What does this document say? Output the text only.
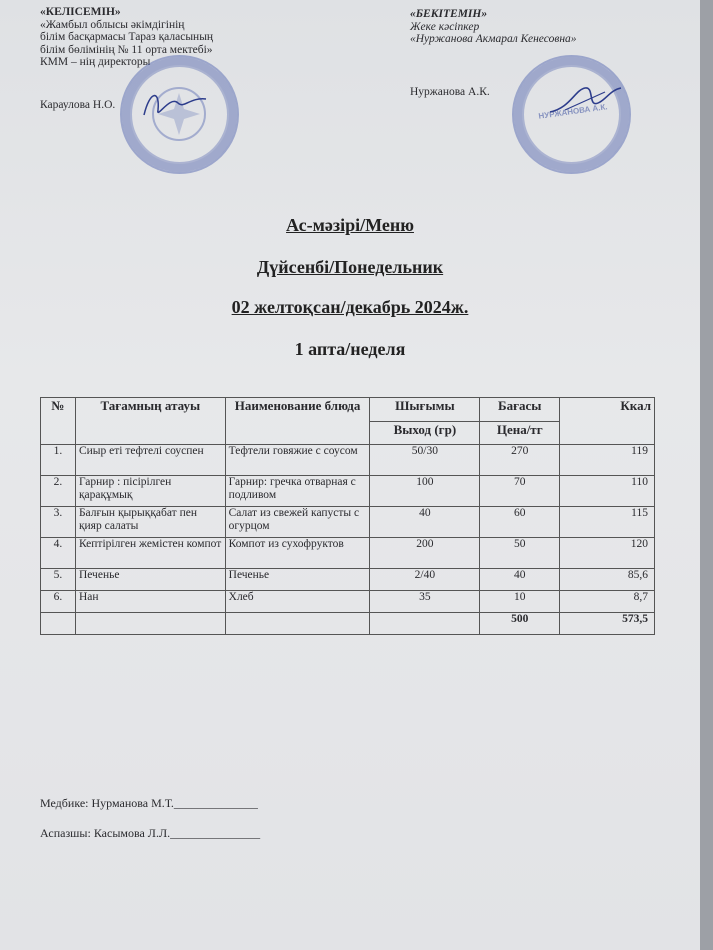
«КЕЛІСЕМІН»
«Жамбыл облысы әкімдігінің
білім басқармасы Тараз қаласының
білім бөлімінің № 11 орта мектебі»
КММ – нің директоры
Караулова Н.О.
«БЕКІТЕМІН»
Жеке кәсіпкер
«Нуржанова Акмарал Кенесовна»
Нуржанова А.К.
НУРЖАНОВА А.К.
Ас-мәзірі/Меню
Дүйсенбі/Понедельник
02 желтоқсан/декабрь 2024ж.
1 апта/неделя
№	Тағамның атауы	Наименование блюда	Шығымы	Бағасы	Ккал
			Выход (гр)	Цена/тг	
1.	Сиыр еті тефтелі соуспен	Тефтели говяжие с соусом	50/30	270	119
2.	Гарнир : пісірілген қарақұмық	Гарнир: гречка отварная с подливом	100	70	110
3.	Балғын қырыққабат пен қияр салаты	Салат из свежей капусты с огурцом	40	60	115
4.	Кептірілген жемістен компот	Компот из сухофруктов	200	50	120
5.	Печенье	Печенье	2/40	40	85,6
6.	Нан	Хлеб	35	10	8,7
				500	573,5
Медбике: Нурманова М.Т.______________
Аспазшы: Касымова Л.Л._______________
